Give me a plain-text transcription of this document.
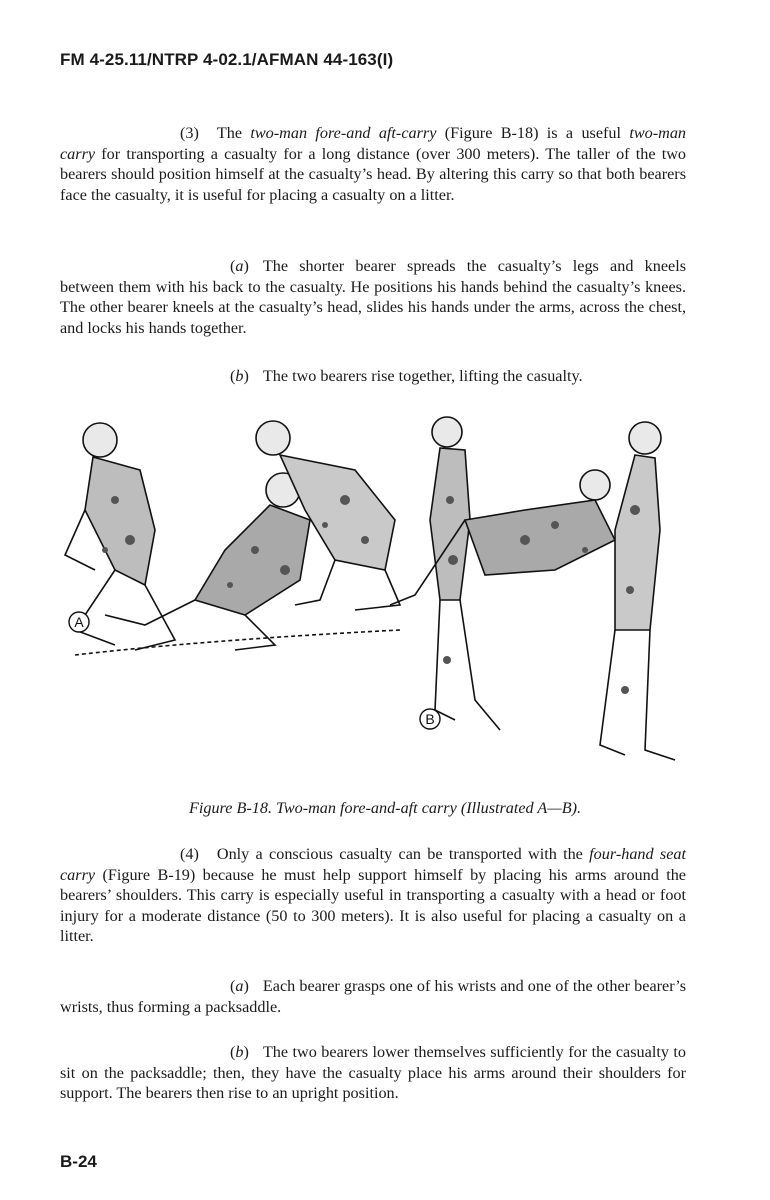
FM 4-25.11/NTRP 4-02.1/AFMAN 44-163(I)
(3) The two-man fore-and aft-carry (Figure B-18) is a useful two-man carry for transporting a casualty for a long distance (over 300 meters). The taller of the two bearers should position himself at the casualty’s head. By altering this carry so that both bearers face the casualty, it is useful for placing a casualty on a litter.
(a) The shorter bearer spreads the casualty’s legs and kneels between them with his back to the casualty. He positions his hands behind the casualty’s knees. The other bearer kneels at the casualty’s head, slides his hands under the arms, across the chest, and locks his hands together.
(b) The two bearers rise together, lifting the casualty.
A
B
Figure B-18. Two-man fore-and-aft carry (Illustrated A—B).
(4) Only a conscious casualty can be transported with the four-hand seat carry (Figure B-19) because he must help support himself by placing his arms around the bearers’ shoulders. This carry is especially useful in transporting a casualty with a head or foot injury for a moderate distance (50 to 300 meters). It is also useful for placing a casualty on a litter.
(a) Each bearer grasps one of his wrists and one of the other bearer’s wrists, thus forming a packsaddle.
(b) The two bearers lower themselves sufficiently for the casualty to sit on the packsaddle; then, they have the casualty place his arms around their shoulders for support. The bearers then rise to an upright position.
B-24
